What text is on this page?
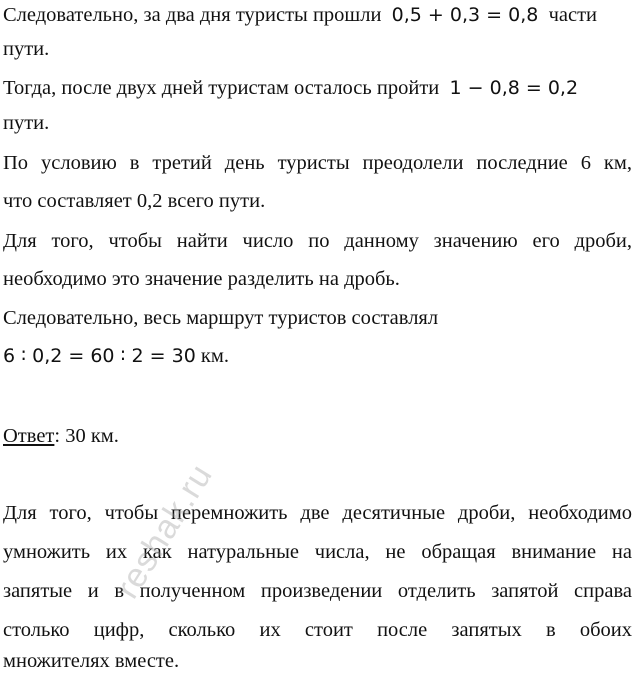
Следовательно, за два дня туристы прошли 0,5 + 0,3 = 0,8 части
пути.
Тогда, после двух дней туристам осталось пройти 1 − 0,8 = 0,2
пути.
По условию в третий день туристы преодолели последние 6 км,
что составляет 0,2 всего пути.
Для того, чтобы найти число по данному значению его дроби,
необходимо это значение разделить на дробь.
Следовательно, весь маршрут туристов составлял
6 ∶ 0,2 = 60 ∶ 2 = 30 км.
Ответ: 30 км.
Для того, чтобы перемножить две десятичные дроби, необходимо
умножить их как натуральные числа, не обращая внимание на
запятые и в полученном произведении отделить запятой справа
столько цифр, сколько их стоит после запятых в обоих
множителях вместе.
reshak.ru
